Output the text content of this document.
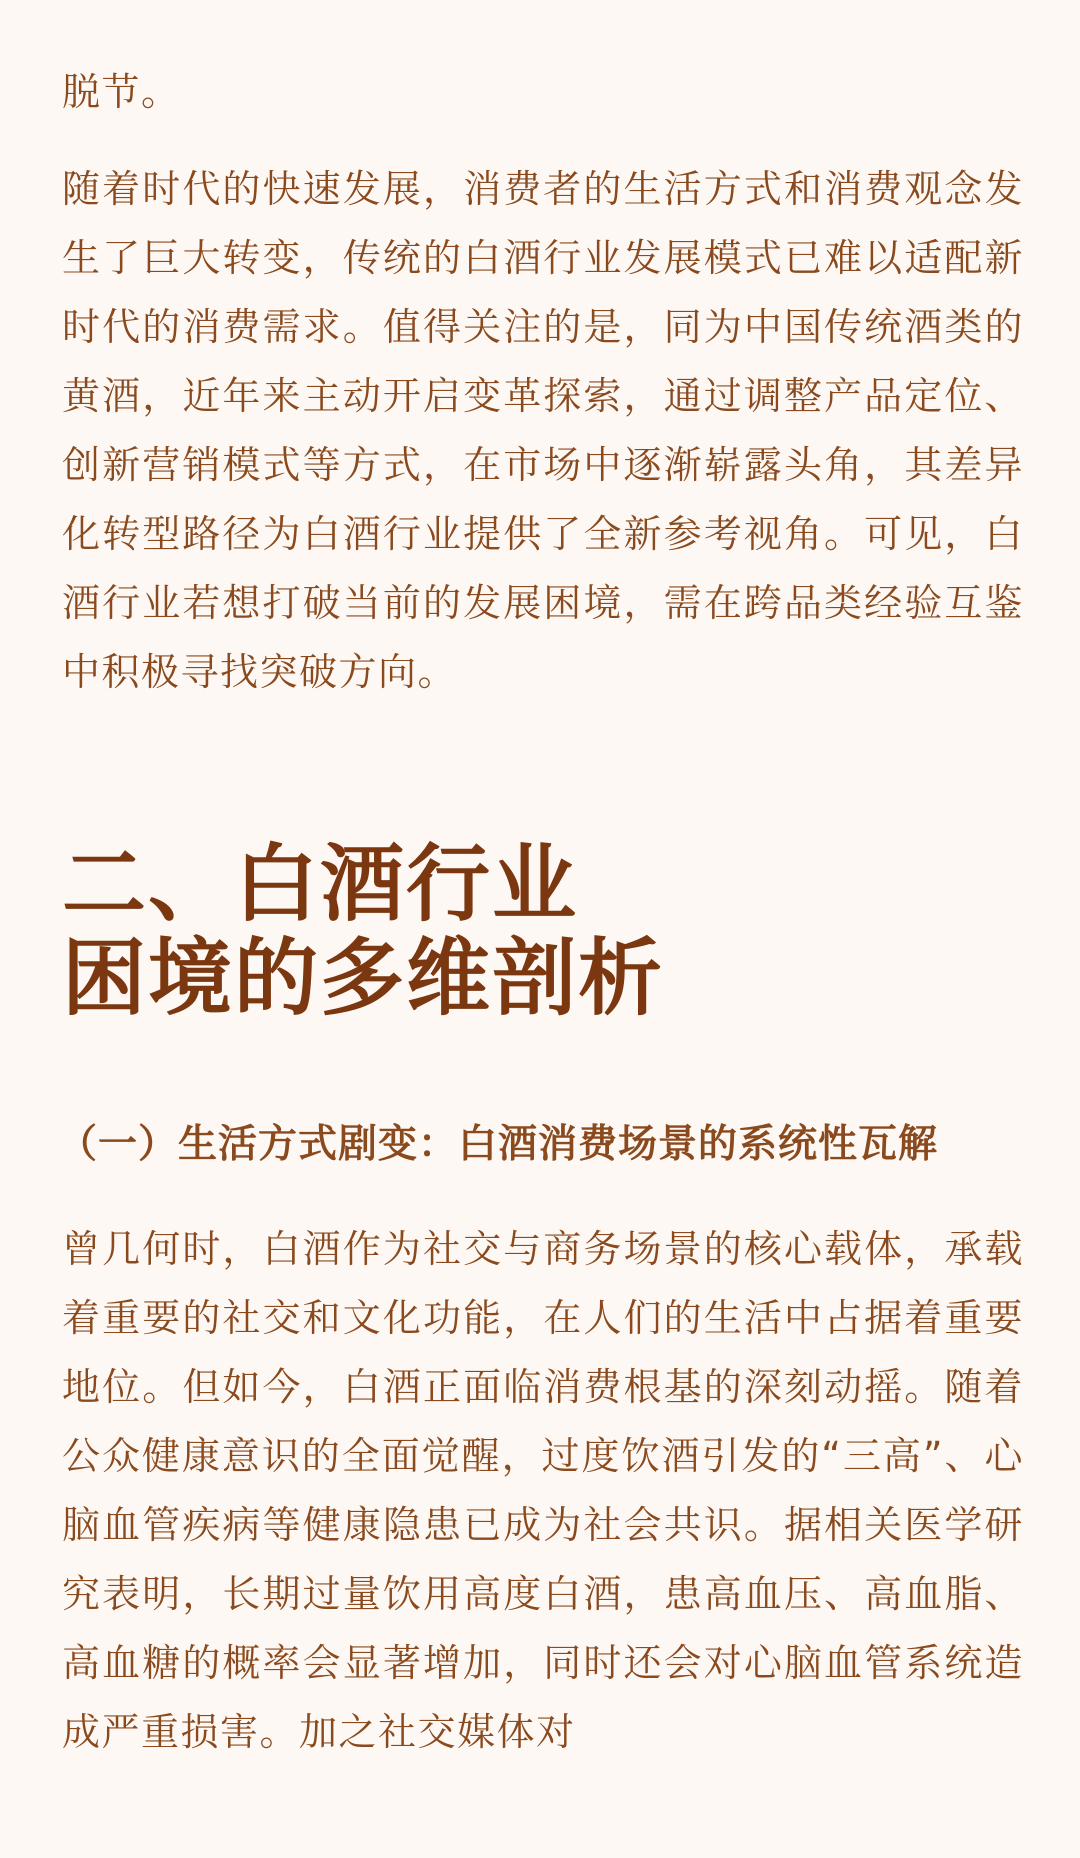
脱节。

随着时代的快速发展，消费者的生活方式和消费观念发生了巨大转变，传统的白酒行业发展模式已难以适配新时代的消费需求。值得关注的是，同为中国传统酒类的黄酒，近年来主动开启变革探索，通过调整产品定位、创新营销模式等方式，在市场中逐渐崭露头角，其差异化转型路径为白酒行业提供了全新参考视角。可见，白酒行业若想打破当前的发展困境，需在跨品类经验互鉴中积极寻找突破方向。

二、白酒行业
困境的多维剖析
（一）生活方式剧变：白酒消费场景的系统性瓦解

曾几何时，白酒作为社交与商务场景的核心载体，承载着重要的社交和文化功能，在人们的生活中占据着重要地位。但如今，白酒正面临消费根基的深刻动摇。随着公众健康意识的全面觉醒，过度饮酒引发的“三高”、心脑血管疾病等健康隐患已成为社会共识。据相关医学研究表明，长期过量饮用高度白酒，患高血压、高血脂、高血糖的概率会显著增加，同时还会对心脑血管系统造成严重损害。加之社交媒体对
